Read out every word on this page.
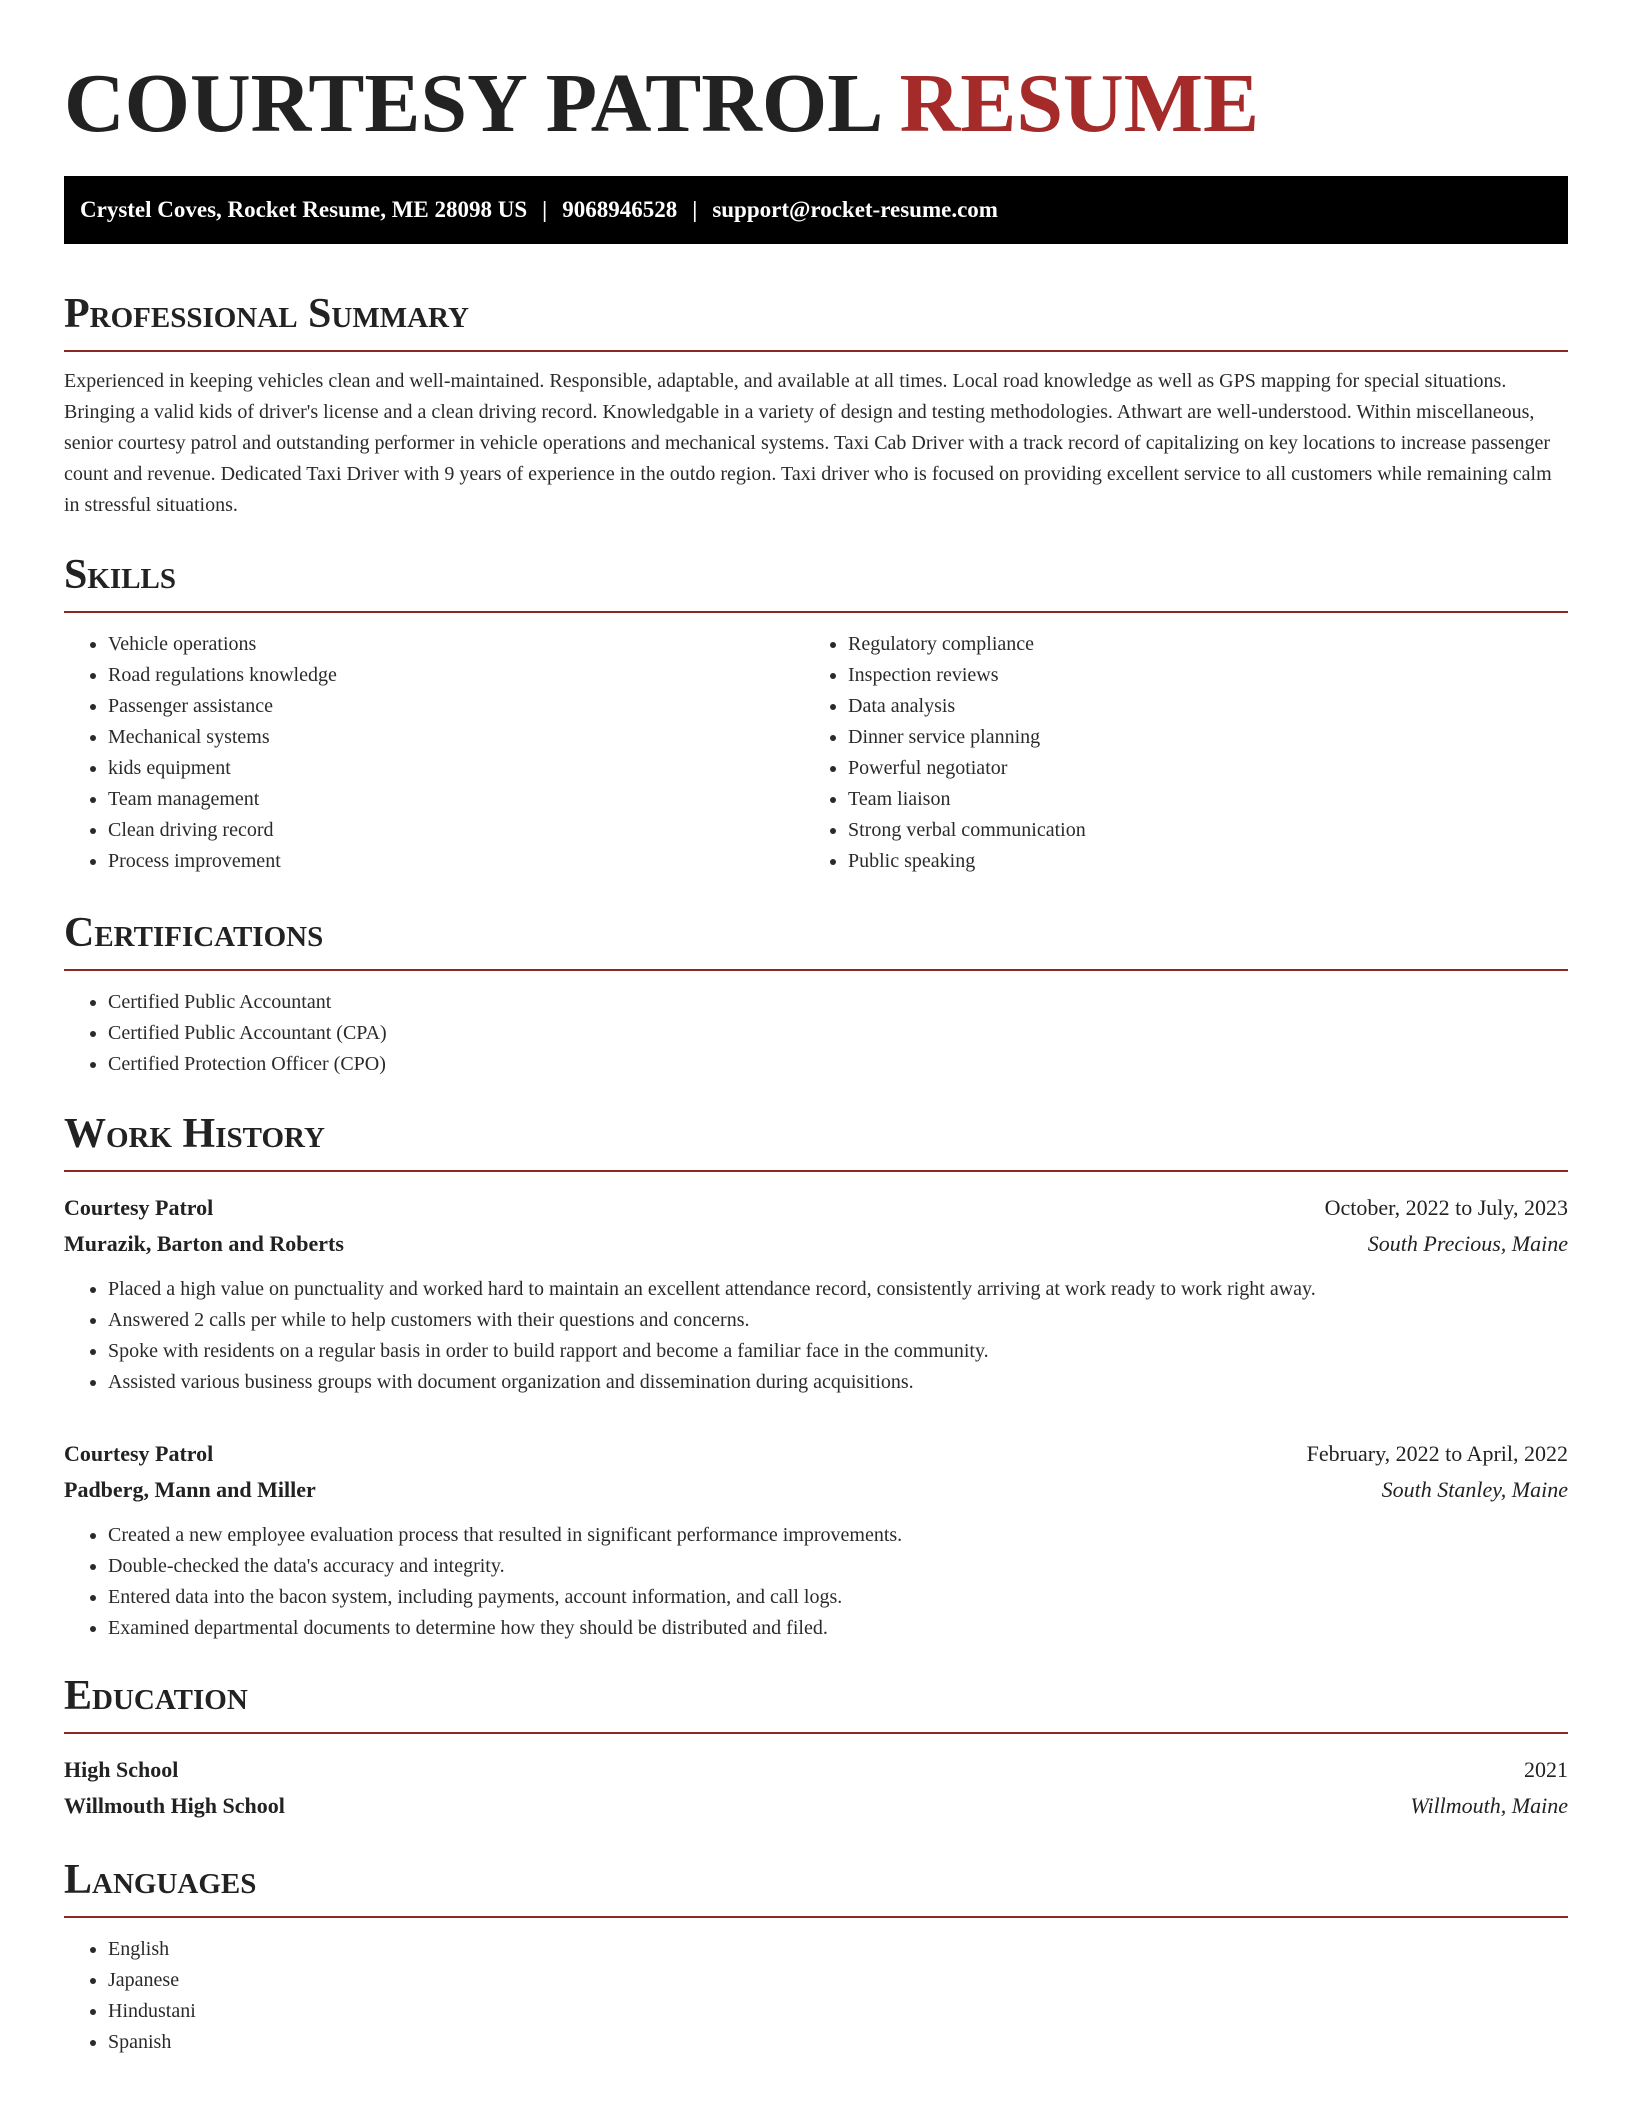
COURTESY PATROL RESUME
Crystel Coves, Rocket Resume, ME 28098 US | 9068946528 | support@rocket-resume.com
Professional Summary

Experienced in keeping vehicles clean and well-maintained. Responsible, adaptable, and available at all times. Local road knowledge as well as GPS mapping for special situations. Bringing a valid kids of driver's license and a clean driving record. Knowledgable in a variety of design and testing methodologies. Athwart are well-understood. Within miscellaneous, senior courtesy patrol and outstanding performer in vehicle operations and mechanical systems. Taxi Cab Driver with a track record of capitalizing on key locations to increase passenger count and revenue. Dedicated Taxi Driver with 9 years of experience in the outdo region. Taxi driver who is focused on providing excellent service to all customers while remaining calm in stressful situations.

Skills
• Vehicle operations
• Road regulations knowledge
• Passenger assistance
• Mechanical systems
• kids equipment
• Team management
• Clean driving record
• Process improvement
• Regulatory compliance
• Inspection reviews
• Data analysis
• Dinner service planning
• Powerful negotiator
• Team liaison
• Strong verbal communication
• Public speaking
Certifications
• Certified Public Accountant
• Certified Public Accountant (CPA)
• Certified Protection Officer (CPO)
Work History
Courtesy Patrol	October, 2022 to July, 2023
Murazik, Barton and Roberts	South Precious, Maine
• Placed a high value on punctuality and worked hard to maintain an excellent attendance record, consistently arriving at work ready to work right away.
• Answered 2 calls per while to help customers with their questions and concerns.
• Spoke with residents on a regular basis in order to build rapport and become a familiar face in the community.
• Assisted various business groups with document organization and dissemination during acquisitions.
Courtesy Patrol	February, 2022 to April, 2022
Padberg, Mann and Miller	South Stanley, Maine
• Created a new employee evaluation process that resulted in significant performance improvements.
• Double-checked the data's accuracy and integrity.
• Entered data into the bacon system, including payments, account information, and call logs.
• Examined departmental documents to determine how they should be distributed and filed.
Education
High School	2021
Willmouth High School	Willmouth, Maine
Languages
• English
• Japanese
• Hindustani
• Spanish
